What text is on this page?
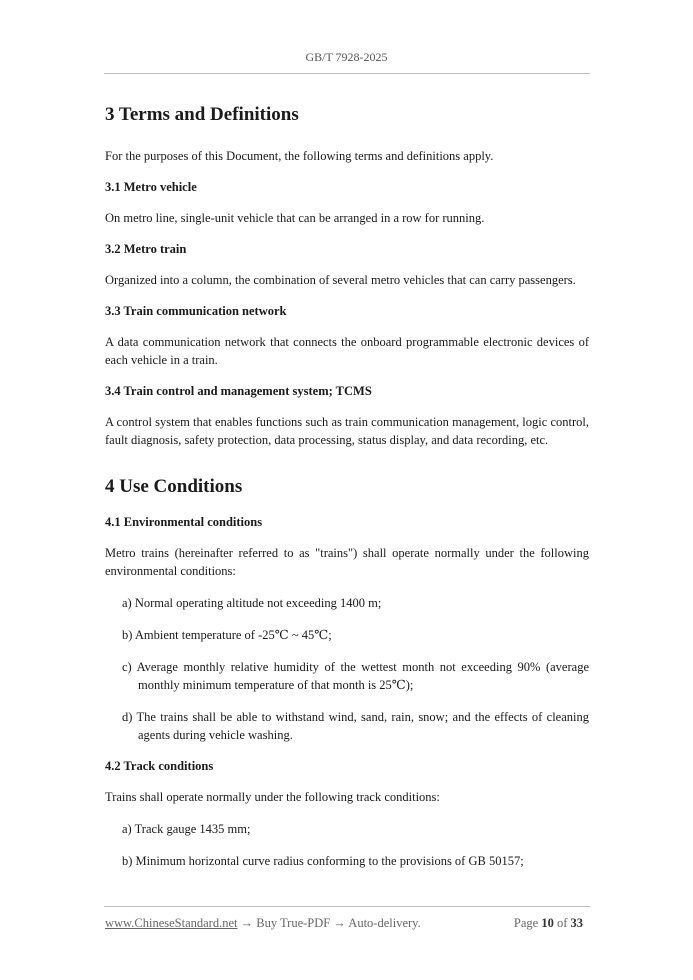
GB/T 7928-2025
3 Terms and Definitions

For the purposes of this Document, the following terms and definitions apply.

3.1 Metro vehicle

On metro line, single-unit vehicle that can be arranged in a row for running.

3.2 Metro train

Organized into a column, the combination of several metro vehicles that can carry passengers.

3.3 Train communication network

A data communication network that connects the onboard programmable electronic devices of each vehicle in a train.

3.4 Train control and management system; TCMS

A control system that enables functions such as train communication management, logic control, fault diagnosis, safety protection, data processing, status display, and data recording, etc.

4 Use Conditions
4.1 Environmental conditions

Metro trains (hereinafter referred to as "trains") shall operate normally under the following environmental conditions:

a) Normal operating altitude not exceeding 1400 m;

b) Ambient temperature of -25℃ ~ 45℃;

c) Average monthly relative humidity of the wettest month not exceeding 90% (average monthly minimum temperature of that month is 25℃);

d) The trains shall be able to withstand wind, sand, rain, snow; and the effects of cleaning agents during vehicle washing.

4.2 Track conditions

Trains shall operate normally under the following track conditions:

a) Track gauge 1435 mm;

b) Minimum horizontal curve radius conforming to the provisions of GB 50157;

www.ChineseStandard.net → Buy True-PDF → Auto-delivery.	Page 10 of 33
